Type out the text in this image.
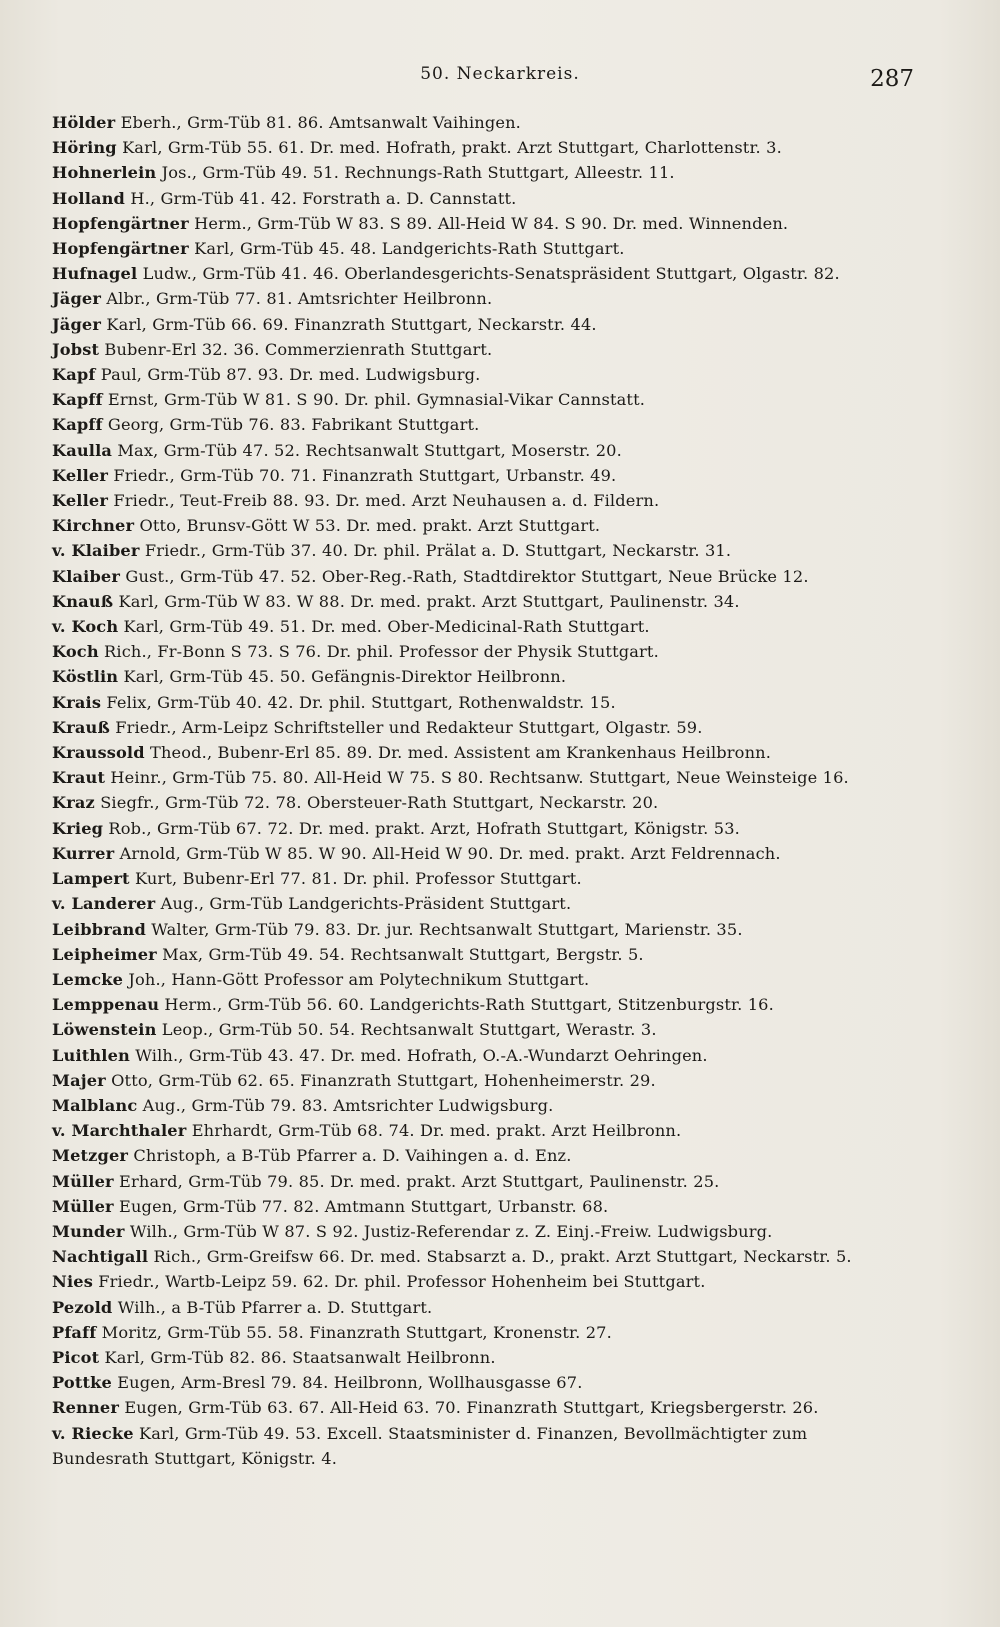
50. Neckarkreis.	287
Hölder Eberh., Grm-Tüb 81. 86. Amtsanwalt Vaihingen.
Höring Karl, Grm-Tüb 55. 61. Dr. med. Hofrath, prakt. Arzt Stuttgart, Charlottenstr. 3.
Hohnerlein Jos., Grm-Tüb 49. 51. Rechnungs-Rath Stuttgart, Alleestr. 11.
Holland H., Grm-Tüb 41. 42. Forstrath a. D. Cannstatt.
Hopfengärtner Herm., Grm-Tüb W 83. S 89. All-Heid W 84. S 90. Dr. med. Winnenden.
Hopfengärtner Karl, Grm-Tüb 45. 48. Landgerichts-Rath Stuttgart.
Hufnagel Ludw., Grm-Tüb 41. 46. Oberlandesgerichts-Senatspräsident Stuttgart, Olgastr. 82.
Jäger Albr., Grm-Tüb 77. 81. Amtsrichter Heilbronn.
Jäger Karl, Grm-Tüb 66. 69. Finanzrath Stuttgart, Neckarstr. 44.
Jobst Bubenr-Erl 32. 36. Commerzienrath Stuttgart.
Kapf Paul, Grm-Tüb 87. 93. Dr. med. Ludwigsburg.
Kapff Ernst, Grm-Tüb W 81. S 90. Dr. phil. Gymnasial-Vikar Cannstatt.
Kapff Georg, Grm-Tüb 76. 83. Fabrikant Stuttgart.
Kaulla Max, Grm-Tüb 47. 52. Rechtsanwalt Stuttgart, Moserstr. 20.
Keller Friedr., Grm-Tüb 70. 71. Finanzrath Stuttgart, Urbanstr. 49.
Keller Friedr., Teut-Freib 88. 93. Dr. med. Arzt Neuhausen a. d. Fildern.
Kirchner Otto, Brunsv-Gött W 53. Dr. med. prakt. Arzt Stuttgart.
v. Klaiber Friedr., Grm-Tüb 37. 40. Dr. phil. Prälat a. D. Stuttgart, Neckarstr. 31.
Klaiber Gust., Grm-Tüb 47. 52. Ober-Reg.-Rath, Stadtdirektor Stuttgart, Neue Brücke 12.
Knauß Karl, Grm-Tüb W 83. W 88. Dr. med. prakt. Arzt Stuttgart, Paulinenstr. 34.
v. Koch Karl, Grm-Tüb 49. 51. Dr. med. Ober-Medicinal-Rath Stuttgart.
Koch Rich., Fr-Bonn S 73. S 76. Dr. phil. Professor der Physik Stuttgart.
Köstlin Karl, Grm-Tüb 45. 50. Gefängnis-Direktor Heilbronn.
Krais Felix, Grm-Tüb 40. 42. Dr. phil. Stuttgart, Rothenwaldstr. 15.
Krauß Friedr., Arm-Leipz Schriftsteller und Redakteur Stuttgart, Olgastr. 59.
Kraussold Theod., Bubenr-Erl 85. 89. Dr. med. Assistent am Krankenhaus Heilbronn.
Kraut Heinr., Grm-Tüb 75. 80. All-Heid W 75. S 80. Rechtsanw. Stuttgart, Neue Weinsteige 16.
Kraz Siegfr., Grm-Tüb 72. 78. Obersteuer-Rath Stuttgart, Neckarstr. 20.
Krieg Rob., Grm-Tüb 67. 72. Dr. med. prakt. Arzt, Hofrath Stuttgart, Königstr. 53.
Kurrer Arnold, Grm-Tüb W 85. W 90. All-Heid W 90. Dr. med. prakt. Arzt Feldrennach.
Lampert Kurt, Bubenr-Erl 77. 81. Dr. phil. Professor Stuttgart.
v. Landerer Aug., Grm-Tüb Landgerichts-Präsident Stuttgart.
Leibbrand Walter, Grm-Tüb 79. 83. Dr. jur. Rechtsanwalt Stuttgart, Marienstr. 35.
Leipheimer Max, Grm-Tüb 49. 54. Rechtsanwalt Stuttgart, Bergstr. 5.
Lemcke Joh., Hann-Gött Professor am Polytechnikum Stuttgart.
Lemppenau Herm., Grm-Tüb 56. 60. Landgerichts-Rath Stuttgart, Stitzenburgstr. 16.
Löwenstein Leop., Grm-Tüb 50. 54. Rechtsanwalt Stuttgart, Werastr. 3.
Luithlen Wilh., Grm-Tüb 43. 47. Dr. med. Hofrath, O.-A.-Wundarzt Oehringen.
Majer Otto, Grm-Tüb 62. 65. Finanzrath Stuttgart, Hohenheimerstr. 29.
Malblanc Aug., Grm-Tüb 79. 83. Amtsrichter Ludwigsburg.
v. Marchthaler Ehrhardt, Grm-Tüb 68. 74. Dr. med. prakt. Arzt Heilbronn.
Metzger Christoph, a B-Tüb Pfarrer a. D. Vaihingen a. d. Enz.
Müller Erhard, Grm-Tüb 79. 85. Dr. med. prakt. Arzt Stuttgart, Paulinenstr. 25.
Müller Eugen, Grm-Tüb 77. 82. Amtmann Stuttgart, Urbanstr. 68.
Munder Wilh., Grm-Tüb W 87. S 92. Justiz-Referendar z. Z. Einj.-Freiw. Ludwigsburg.
Nachtigall Rich., Grm-Greifsw 66. Dr. med. Stabsarzt a. D., prakt. Arzt Stuttgart, Neckarstr. 5.
Nies Friedr., Wartb-Leipz 59. 62. Dr. phil. Professor Hohenheim bei Stuttgart.
Pezold Wilh., a B-Tüb Pfarrer a. D. Stuttgart.
Pfaff Moritz, Grm-Tüb 55. 58. Finanzrath Stuttgart, Kronenstr. 27.
Picot Karl, Grm-Tüb 82. 86. Staatsanwalt Heilbronn.
Pottke Eugen, Arm-Bresl 79. 84. Heilbronn, Wollhausgasse 67.
Renner Eugen, Grm-Tüb 63. 67. All-Heid 63. 70. Finanzrath Stuttgart, Kriegsbergerstr. 26.
v. Riecke Karl, Grm-Tüb 49. 53. Excell. Staatsminister d. Finanzen, Bevollmächtigter zum
Bundesrath Stuttgart, Königstr. 4.
